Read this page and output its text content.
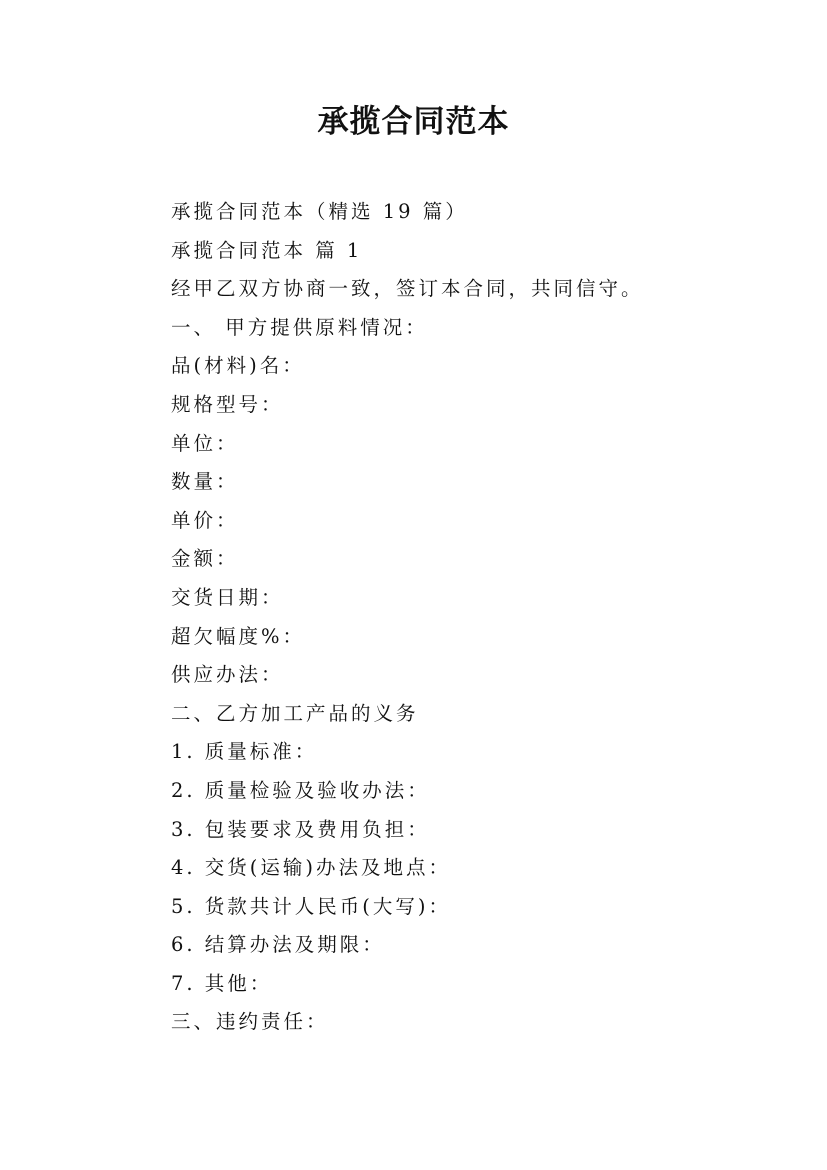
承揽合同范本
承揽合同范本（精选 19 篇）
承揽合同范本 篇 1
经甲乙双方协商一致，签订本合同，共同信守。
一、 甲方提供原料情况：
品(材料)名：
规格型号：
单位：
数量：
单价：
金额：
交货日期：
超欠幅度%：
供应办法：
二、乙方加工产品的义务
1. 质量标准：
2. 质量检验及验收办法：
3. 包装要求及费用负担：
4. 交货(运输)办法及地点：
5. 货款共计人民币(大写)：
6. 结算办法及期限：
7. 其他：
三、违约责任：
